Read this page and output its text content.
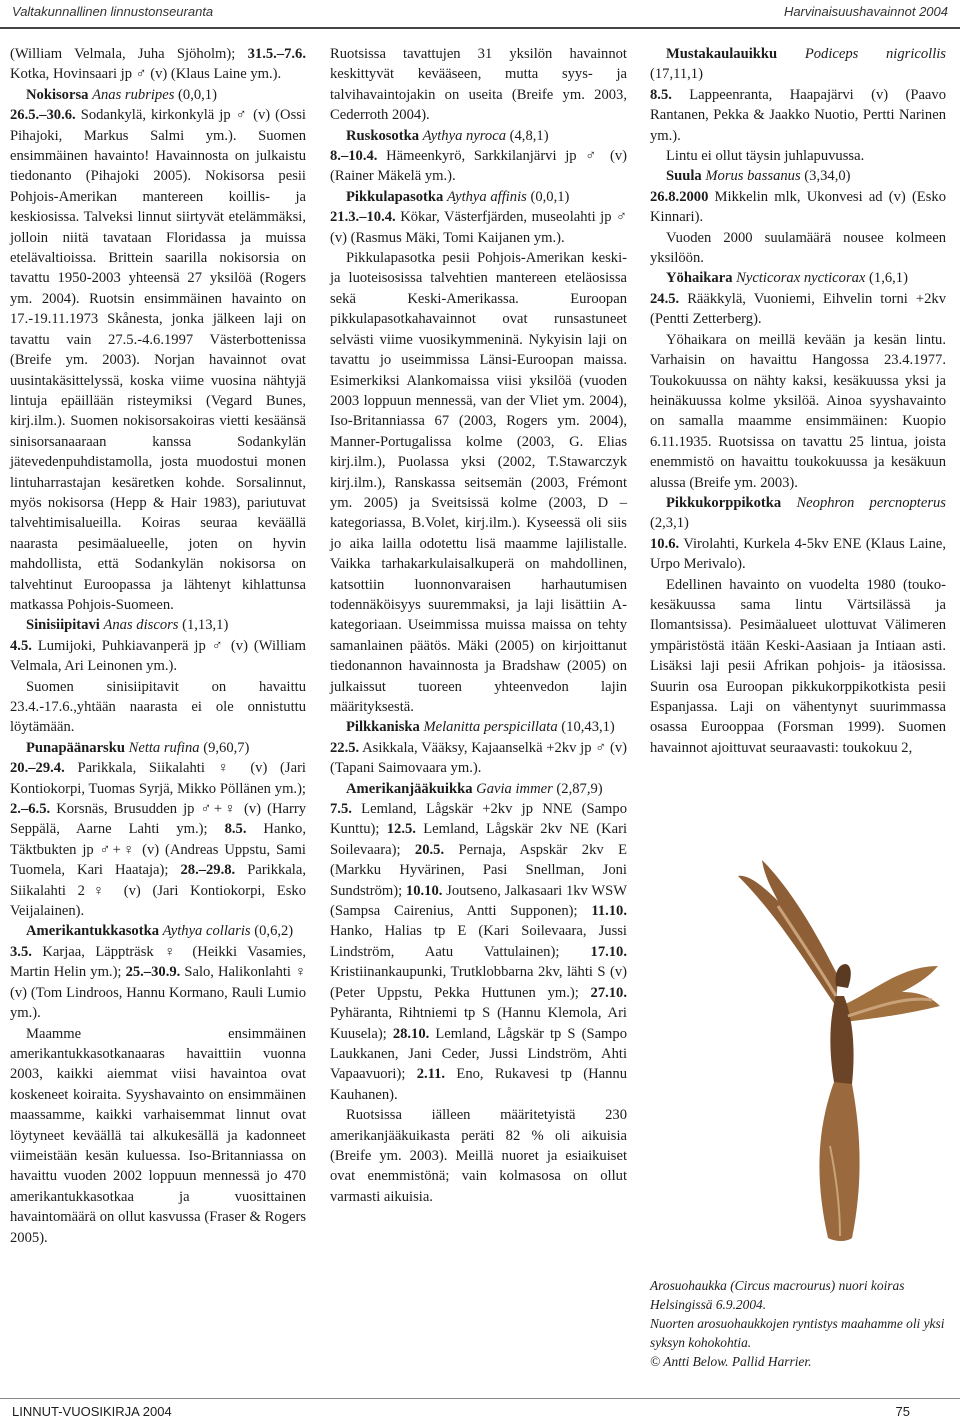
Valtakunnallinen linnustonseuranta	Harvinaisuushavainnot 2004

(William Velmala, Juha Sjöholm); 31.5.–7.6. Kotka, Hovinsaari jp ♂ (v) (Klaus Laine ym.).

Nokisorsa Anas rubripes (0,0,1)

26.5.–30.6. Sodankylä, kirkonkylä jp ♂ (v) (Ossi Pihajoki, Markus Salmi ym.). Suomen ensimmäinen havainto! Havainnosta on julkaistu tiedonanto (Pihajoki 2005). Nokisorsa pesii Pohjois-Amerikan mantereen koillis- ja keskiosissa. Talveksi linnut siirtyvät etelämmäksi, jolloin niitä tavataan Floridassa ja muissa etelävaltioissa. Brittein saarilla nokisorsia on tavattu 1950-2003 yhteensä 27 yksilöä (Rogers ym. 2004). Ruotsin ensimmäinen havainto on 17.-19.11.1973 Skånesta, jonka jälkeen laji on tavattu vain 27.5.-4.6.1997 Västerbottenissa (Breife ym. 2003). Norjan havainnot ovat uusintakäsittelyssä, koska viime vuosina nähtyjä lintuja epäillään risteymiksi (Vegard Bunes, kirj.ilm.). Suomen nokisorsakoiras vietti kesäänsä sinisorsanaaraan kanssa Sodankylän jätevedenpuhdistamolla, josta muodostui monen lintuharrastajan kesäretken kohde. Sorsalinnut, myös nokisorsa (Hepp & Hair 1983), pariutuvat talvehtimisalueilla. Koiras seuraa keväällä naarasta pesimäalueelle, joten on hyvin mahdollista, että Sodankylän nokisorsa on talvehtinut Euroopassa ja lähtenyt kihlattunsa matkassa Pohjois-Suomeen.

Sinisiipitavi Anas discors (1,13,1)

4.5. Lumijoki, Puhkiavanperä jp ♂ (v) (William Velmala, Ari Leinonen ym.).

Suomen sinisiipitavit on havaittu 23.4.-17.6.,yhtään naarasta ei ole onnistuttu löytämään.

Punapäänarsku Netta rufina (9,60,7)

20.–29.4. Parikkala, Siikalahti ♀ (v) (Jari Kontiokorpi, Tuomas Syrjä, Mikko Pöllänen ym.); 2.–6.5. Korsnäs, Brusudden jp ♂+♀ (v) (Harry Seppälä, Aarne Lahti ym.); 8.5. Hanko, Täktbukten jp ♂+♀ (v) (Andreas Uppstu, Sami Tuomela, Kari Haataja); 28.–29.8. Parikkala, Siikalahti 2♀ (v) (Jari Kontiokorpi, Esko Veijalainen).

Amerikantukkasotka Aythya collaris (0,6,2)

3.5. Karjaa, Läppträsk ♀ (Heikki Vasamies, Martin Helin ym.); 25.–30.9. Salo, Halikonlahti ♀ (v) (Tom Lindroos, Hannu Kormano, Rauli Lumio ym.).

Maamme ensimmäinen amerikantukkasotkanaaras havaittiin vuonna 2003, kaikki aiemmat viisi havaintoa ovat koskeneet koiraita. Syyshavainto on ensimmäinen maassamme, kaikki varhaisemmat linnut ovat löytyneet keväällä tai alkukesällä ja kadonneet viimeistään kesän kuluessa. Iso-Britanniassa on havaittu vuoden 2002 loppuun mennessä jo 470 amerikantukkasotkaa ja vuosittainen havaintomäärä on ollut kasvussa (Fraser & Rogers 2005).

Ruotsissa tavattujen 31 yksilön havainnot keskittyvät kevääseen, mutta syys- ja talvihavaintojakin on useita (Breife ym. 2003, Cederroth 2004).

Ruskosotka Aythya nyroca (4,8,1)

8.–10.4. Hämeenkyrö, Sarkkilanjärvi jp ♂ (v) (Rainer Mäkelä ym.).

Pikkulapasotka Aythya affinis (0,0,1)

21.3.–10.4. Kökar, Västerfjärden, museolahti jp ♂ (v) (Rasmus Mäki, Tomi Kaijanen ym.).

Pikkulapasotka pesii Pohjois-Amerikan keski- ja luoteisosissa talvehtien mantereen eteläosissa sekä Keski-Amerikassa. Euroopan pikkulapasotkahavainnot ovat runsastuneet selvästi viime vuosikymmeninä. Nykyisin laji on tavattu jo useimmissa Länsi-Euroopan maissa. Esimerkiksi Alankomaissa viisi yksilöä (vuoden 2003 loppuun mennessä, van der Vliet ym. 2004), Iso-Britanniassa 67 (2003, Rogers ym. 2004), Manner-Portugalissa kolme (2003, G. Elias kirj.ilm.), Puolassa yksi (2002, T.Stawarczyk kirj.ilm.), Ranskassa seitsemän (2003, Frémont ym. 2005) ja Sveitsissä kolme (2003, D – kategoriassa, B.Volet, kirj.ilm.). Kyseessä oli siis jo aika lailla odotettu lisä maamme lajilistalle. Vaikka tarhakarkulaisalkuperä on mahdollinen, katsottiin luonnonvaraisen harhautumisen todennäköisyys suuremmaksi, ja laji lisättiin A-kategoriaan. Useimmissa muissa maissa on tehty samanlainen päätös. Mäki (2005) on kirjoittanut tiedonannon havainnosta ja Bradshaw (2005) on julkaissut tuoreen yhteenvedon lajin määrityksestä.

Pilkkaniska Melanitta perspicillata (10,43,1)

22.5. Asikkala, Vääksy, Kajaanselkä +2kv jp ♂ (v) (Tapani Saimovaara ym.).

Amerikanjääkuikka Gavia immer (2,87,9)

7.5. Lemland, Lågskär +2kv jp NNE (Sampo Kunttu); 12.5. Lemland, Lågskär 2kv NE (Kari Soilevaara); 20.5. Pernaja, Aspskär 2kv E (Markku Hyvärinen, Pasi Snellman, Joni Sundström); 10.10. Joutseno, Jalkasaari 1kv WSW (Sampsa Cairenius, Antti Supponen); 11.10. Hanko, Halias tp E (Kari Soilevaara, Jussi Lindström, Aatu Vattulainen); 17.10. Kristiinankaupunki, Trutklobbarna 2kv, lähti S (v) (Peter Uppstu, Pekka Huttunen ym.); 27.10. Pyhäranta, Rihtniemi tp S (Hannu Klemola, Ari Kuusela); 28.10. Lemland, Lågskär tp S (Sampo Laukkanen, Jani Ceder, Jussi Lindström, Ahti Vapaavuori); 2.11. Eno, Rukavesi tp (Hannu Kauhanen).

Ruotsissa iälleen määritetyistä 230 amerikanjääkuikasta peräti 82 % oli aikuisia (Breife ym. 2003). Meillä nuoret ja esiaikuiset ovat enemmistönä; vain kolmasosa on ollut varmasti aikuisia.

Mustakaulauikku Podiceps nigricollis (17,11,1)

8.5. Lappeenranta, Haapajärvi (v) (Paavo Rantanen, Pekka & Jaakko Nuotio, Pertti Narinen ym.).

Lintu ei ollut täysin juhlapuvussa.

Suula Morus bassanus (3,34,0)

26.8.2000 Mikkelin mlk, Ukonvesi ad (v) (Esko Kinnari).

Vuoden 2000 suulamäärä nousee kolmeen yksilöön.

Yöhaikara Nycticorax nycticorax (1,6,1)

24.5. Rääkkylä, Vuoniemi, Eihvelin torni +2kv (Pentti Zetterberg).

Yöhaikara on meillä kevään ja kesän lintu. Varhaisin on havaittu Hangossa 23.4.1977. Toukokuussa on nähty kaksi, kesäkuussa yksi ja heinäkuussa kolme yksilöä. Ainoa syyshavainto on samalla maamme ensimmäinen: Kuopio 6.11.1935. Ruotsissa on tavattu 25 lintua, joista enemmistö on havaittu toukokuussa ja kesäkuun alussa (Breife ym. 2003).

Pikkukorppikotka Neophron percnopterus (2,3,1)

10.6. Virolahti, Kurkela 4-5kv ENE (Klaus Laine, Urpo Merivalo).

Edellinen havainto on vuodelta 1980 (touko-kesäkuussa sama lintu Värtsilässä ja Ilomantsissa). Pesimäalueet ulottuvat Välimeren ympäristöstä itään Keski-Aasiaan ja Intiaan asti. Lisäksi laji pesii Afrikan pohjois- ja itäosissa. Suurin osa Euroopan pikkukorppikotkista pesii Espanjassa. Laji on vähentynyt suurimmassa osassa Eurooppaa (Forsman 1999). Suomen havainnot ajoittuvat seuraavasti: toukokuu 2,

Arosuohaukka (Circus macrourus) nuori koiras Helsingissä 6.9.2004.
Nuorten arosuohaukkojen ryntistys maahamme oli yksi syksyn kohokohtia.
© Antti Below. Pallid Harrier.
LINNUT-VUOSIKIRJA 2004	75
